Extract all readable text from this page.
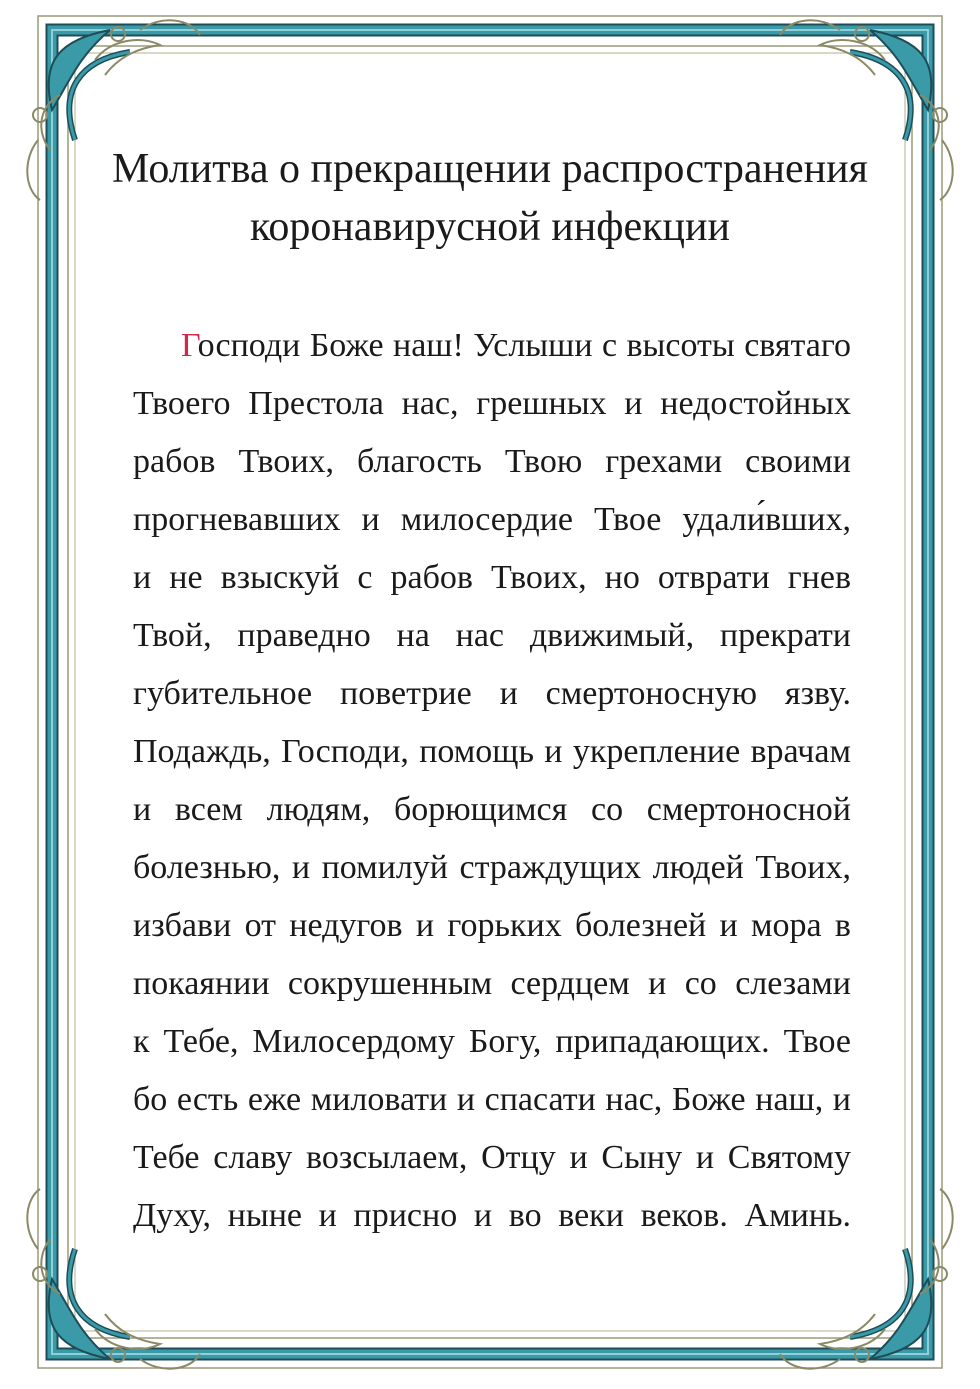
Молитва о прекращении распространения
коронавирусной инфекции
Господи Боже наш! Услыши с высоты святаго
Твоего Престола нас, грешных и недостойных
рабов Твоих, благость Твою грехами своими
прогневавших и милосердие Твое удали́вших,
и не взыскуй с рабов Твоих, но отврати гнев
Твой, праведно на нас движимый, прекрати
губительное поветрие и смертоносную язву.
Подаждь, Господи, помощь и укрепление врачам
и всем людям, борющимся со смертоносной
болезнью, и помилуй страждущих людей Твоих,
избави от недугов и горьких болезней и мора в
покаянии сокрушенным сердцем и со слезами
к Тебе, Милосердому Богу, припадающих. Твое
бо есть еже миловати и спасати нас, Боже наш, и
Тебе славу возсылаем, Отцу и Сыну и Святому
Духу, ныне и присно и во веки веков. Аминь.
